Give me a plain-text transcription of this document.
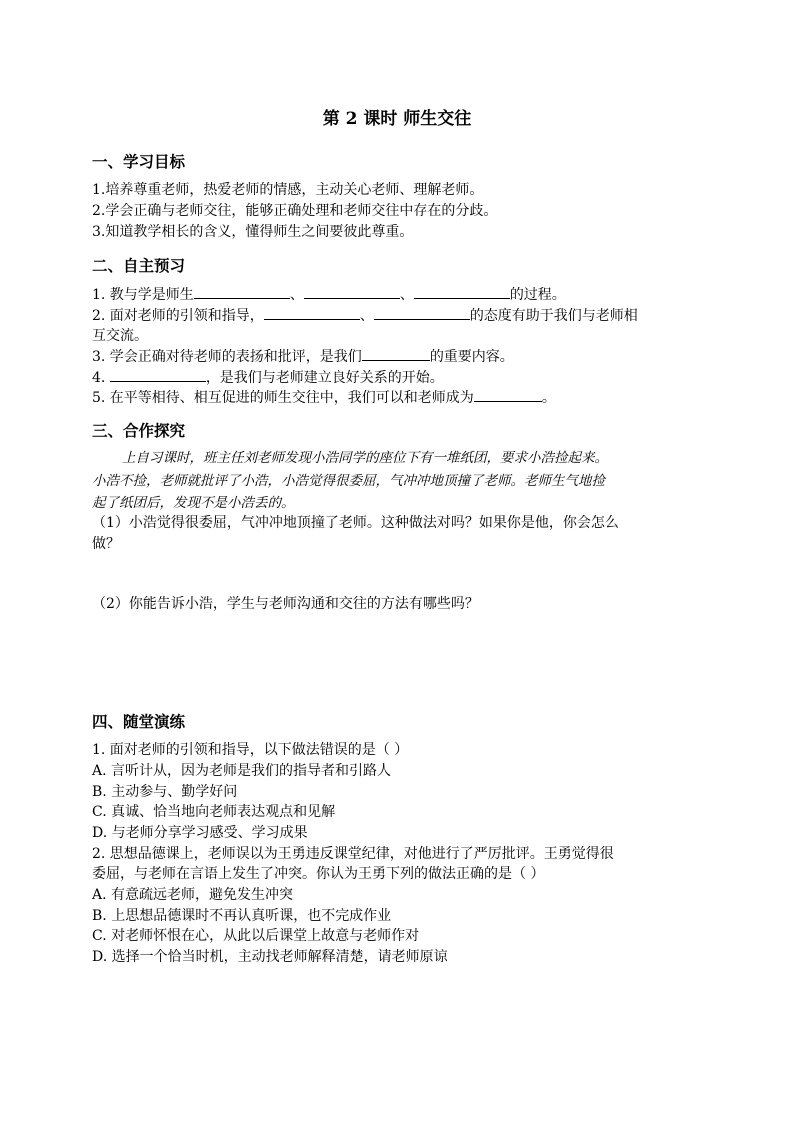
第 2 课时 师生交往
一、学习目标
1.培养尊重老师，热爱老师的情感，主动关心老师、理解老师。
2.学会正确与老师交往，能够正确处理和老师交往中存在的分歧。
3.知道教学相长的含义，懂得师生之间要彼此尊重。
二、自主预习
1. 教与学是师生	、	、	的过程。
2. 面对老师的引领和指导，	、	的态度有助于我们与老师相
互交流。
3. 学会正确对待老师的表扬和批评，是我们	的重要内容。
4.	，是我们与老师建立良好关系的开始。
5. 在平等相待、相互促进的师生交往中，我们可以和老师成为	。
三、合作探究
上自习课时，班主任刘老师发现小浩同学的座位下有一堆纸团，要求小浩捡起来。
小浩不捡，老师就批评了小浩，小浩觉得很委屈，气冲冲地顶撞了老师。老师生气地捡
起了纸团后，发现不是小浩丢的。
（1）小浩觉得很委屈，气冲冲地顶撞了老师。这种做法对吗？如果你是他，你会怎么
做？
（2）你能告诉小浩，学生与老师沟通和交往的方法有哪些吗？
四、随堂演练
1. 面对老师的引领和指导，以下做法错误的是（ ）
A. 言听计从，因为老师是我们的指导者和引路人
B. 主动参与、勤学好问
C. 真诚、恰当地向老师表达观点和见解
D. 与老师分享学习感受、学习成果
2. 思想品德课上，老师误以为王勇违反课堂纪律，对他进行了严厉批评。王勇觉得很
委屈，与老师在言语上发生了冲突。你认为王勇下列的做法正确的是（ ）
A. 有意疏远老师，避免发生冲突
B. 上思想品德课时不再认真听课，也不完成作业
C. 对老师怀恨在心，从此以后课堂上故意与老师作对
D. 选择一个恰当时机，主动找老师解释清楚，请老师原谅
